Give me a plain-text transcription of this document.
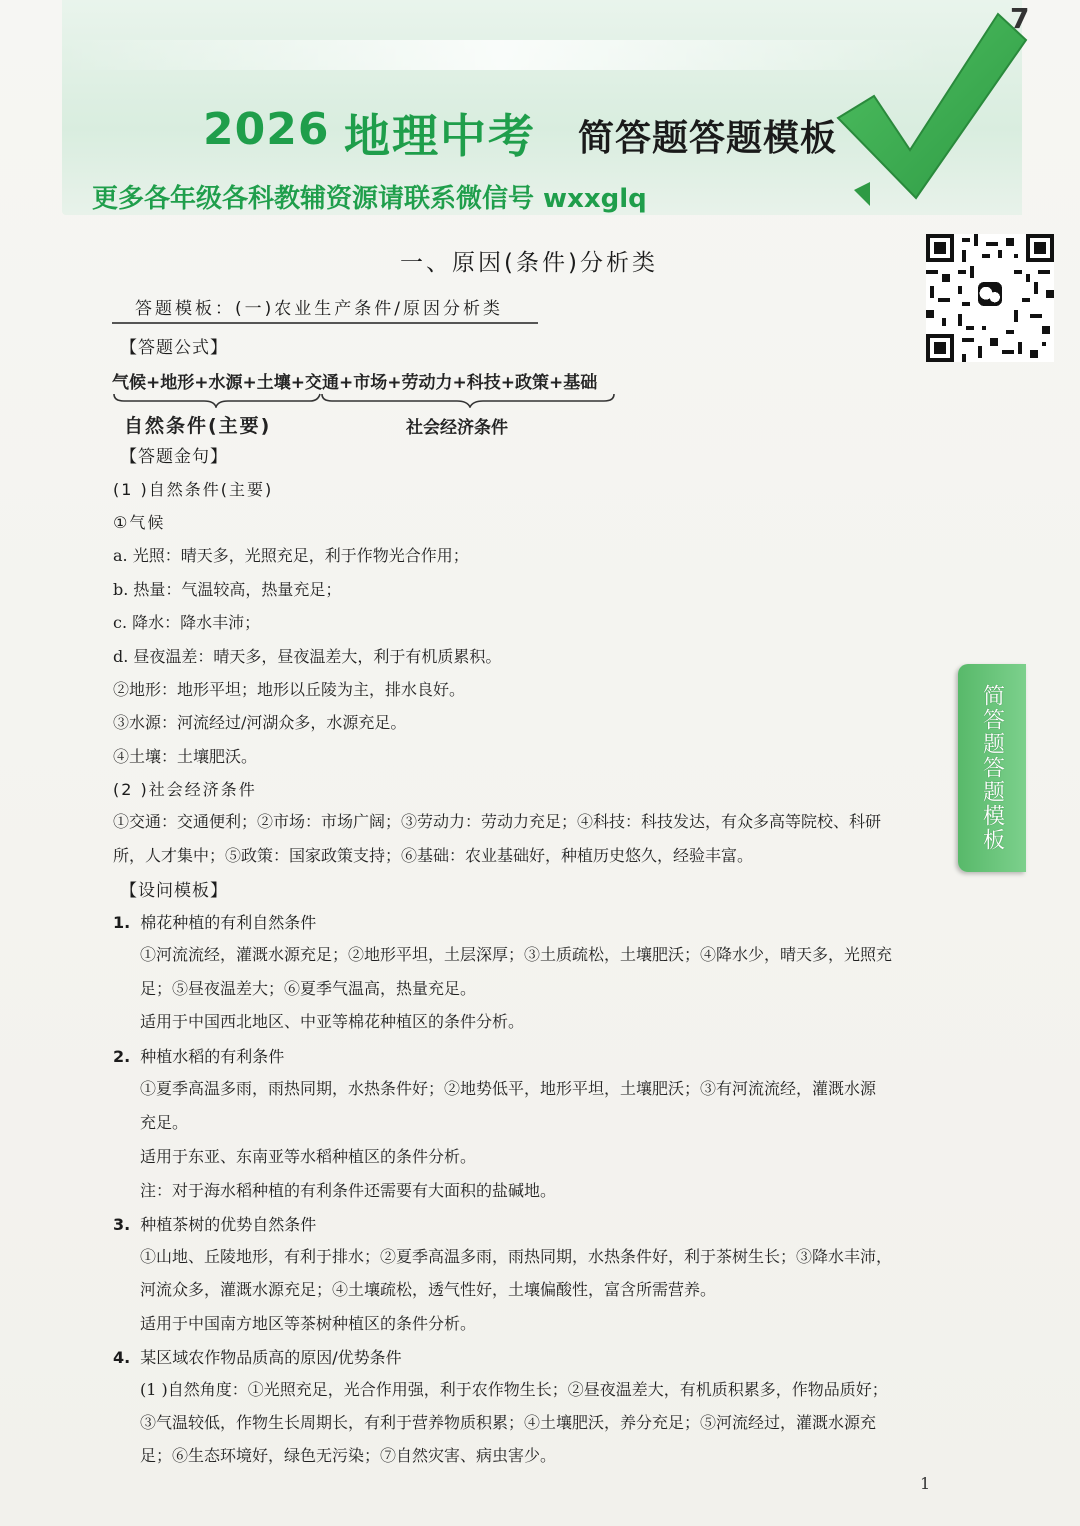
2026 地理中考 简答题答题模板
更多各年级各科教辅资源请联系微信号 wxxglq
7
简答题答题模板
一、原因(条件)分析类
答题模板：(一)农业生产条件/原因分析类
【答题公式】
气候+地形+水源+土壤+交通+市场+劳动力+科技+政策+基础
自然条件(主要)	社会经济条件
【答题金句】
(1 )自然条件(主要)
①气候
a. 光照：晴天多，光照充足，利于作物光合作用；
b. 热量：气温较高，热量充足；
c. 降水：降水丰沛；
d. 昼夜温差：晴天多，昼夜温差大，利于有机质累积。
②地形：地形平坦；地形以丘陵为主，排水良好。
③水源：河流经过/河湖众多，水源充足。
④土壤：土壤肥沃。
(2 )社会经济条件
①交通：交通便利；②市场：市场广阔；③劳动力：劳动力充足；④科技：科技发达，有众多高等院校、科研
所，人才集中；⑤政策：国家政策支持；⑥基础：农业基础好，种植历史悠久，经验丰富。
【设问模板】
1. 棉花种植的有利自然条件
①河流流经，灌溉水源充足；②地形平坦，土层深厚；③土质疏松，土壤肥沃；④降水少，晴天多，光照充
足；⑤昼夜温差大；⑥夏季气温高，热量充足。
适用于中国西北地区、中亚等棉花种植区的条件分析。
2. 种植水稻的有利条件
①夏季高温多雨，雨热同期，水热条件好；②地势低平，地形平坦，土壤肥沃；③有河流流经，灌溉水源
充足。
适用于东亚、东南亚等水稻种植区的条件分析。
注：对于海水稻种植的有利条件还需要有大面积的盐碱地。
3. 种植茶树的优势自然条件
①山地、丘陵地形，有利于排水；②夏季高温多雨，雨热同期，水热条件好，利于茶树生长；③降水丰沛，
河流众多，灌溉水源充足；④土壤疏松，透气性好，土壤偏酸性，富含所需营养。
适用于中国南方地区等茶树种植区的条件分析。
4. 某区域农作物品质高的原因/优势条件
(1 )自然角度：①光照充足，光合作用强，利于农作物生长；②昼夜温差大，有机质积累多，作物品质好；
③气温较低，作物生长周期长，有利于营养物质积累；④土壤肥沃，养分充足；⑤河流经过，灌溉水源充
足；⑥生态环境好，绿色无污染；⑦自然灾害、病虫害少。
1
